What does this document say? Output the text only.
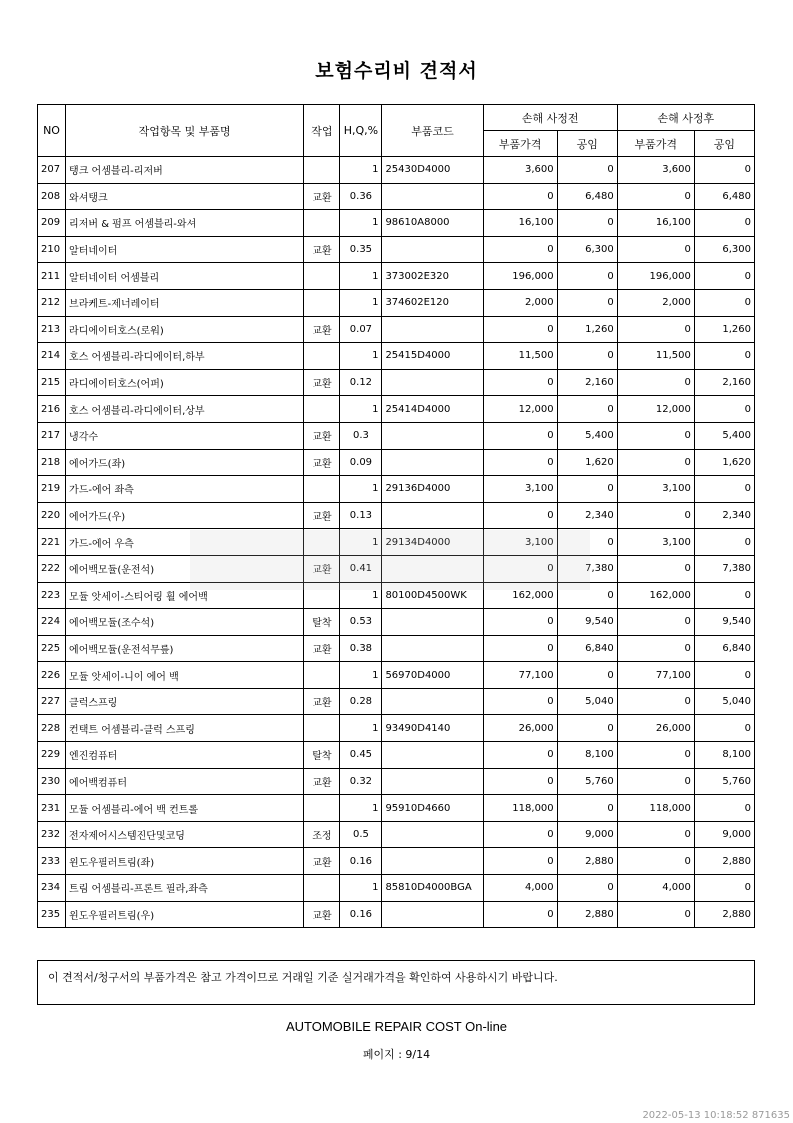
보험수리비 견적서
NO	작업항목 및 부품명	작업	H,Q,%	부품코드	손해 사정전		손해 사정후	
					부품가격	공임	부품가격	공임
207	탱크 어셈블리-리저버		1	25430D4000	3,600	0	3,600	0
208	와셔탱크	교환	0.36		0	6,480	0	6,480
209	리저버 & 펌프 어셈블리-와셔		1	98610A8000	16,100	0	16,100	0
210	알터네이터	교환	0.35		0	6,300	0	6,300
211	알터네이터 어셈블리		1	373002E320	196,000	0	196,000	0
212	브라케트-제너레이터		1	374602E120	2,000	0	2,000	0
213	라디에이터호스(로워)	교환	0.07		0	1,260	0	1,260
214	호스 어셈블리-라디에이터,하부		1	25415D4000	11,500	0	11,500	0
215	라디에이터호스(어퍼)	교환	0.12		0	2,160	0	2,160
216	호스 어셈블리-라디에이터,상부		1	25414D4000	12,000	0	12,000	0
217	냉각수	교환	0.3		0	5,400	0	5,400
218	에어가드(좌)	교환	0.09		0	1,620	0	1,620
219	가드-에어 좌측		1	29136D4000	3,100	0	3,100	0
220	에어가드(우)	교환	0.13		0	2,340	0	2,340
221	가드-에어 우측		1	29134D4000	3,100	0	3,100	0
222	에어백모듈(운전석)	교환	0.41		0	7,380	0	7,380
223	모듈 앗세이-스티어링 휠 에어백		1	80100D4500WK	162,000	0	162,000	0
224	에어백모듈(조수석)	탈착	0.53		0	9,540	0	9,540
225	에어백모듈(운전석무릎)	교환	0.38		0	6,840	0	6,840
226	모듈 앗세이-니이 에어 백		1	56970D4000	77,100	0	77,100	0
227	클럭스프링	교환	0.28		0	5,040	0	5,040
228	컨택트 어셈블리-클럭 스프링		1	93490D4140	26,000	0	26,000	0
229	엔진컴퓨터	탈착	0.45		0	8,100	0	8,100
230	에어백컴퓨터	교환	0.32		0	5,760	0	5,760
231	모듈 어셈블리-에어 백 컨트롤		1	95910D4660	118,000	0	118,000	0
232	전자제어시스템진단및코딩	조정	0.5		0	9,000	0	9,000
233	윈도우필러트림(좌)	교환	0.16		0	2,880	0	2,880
234	트림 어셈블리-프론트 필라,좌측		1	85810D4000BGA	4,000	0	4,000	0
235	윈도우필러트림(우)	교환	0.16		0	2,880	0	2,880
이 견적서/청구서의 부품가격은 참고 가격이므로 거래일 기준 실거래가격을 확인하여 사용하시기 바랍니다.
AUTOMOBILE REPAIR COST On-line
페이지 : 9/14
2022-05-13 10:18:52 871635
